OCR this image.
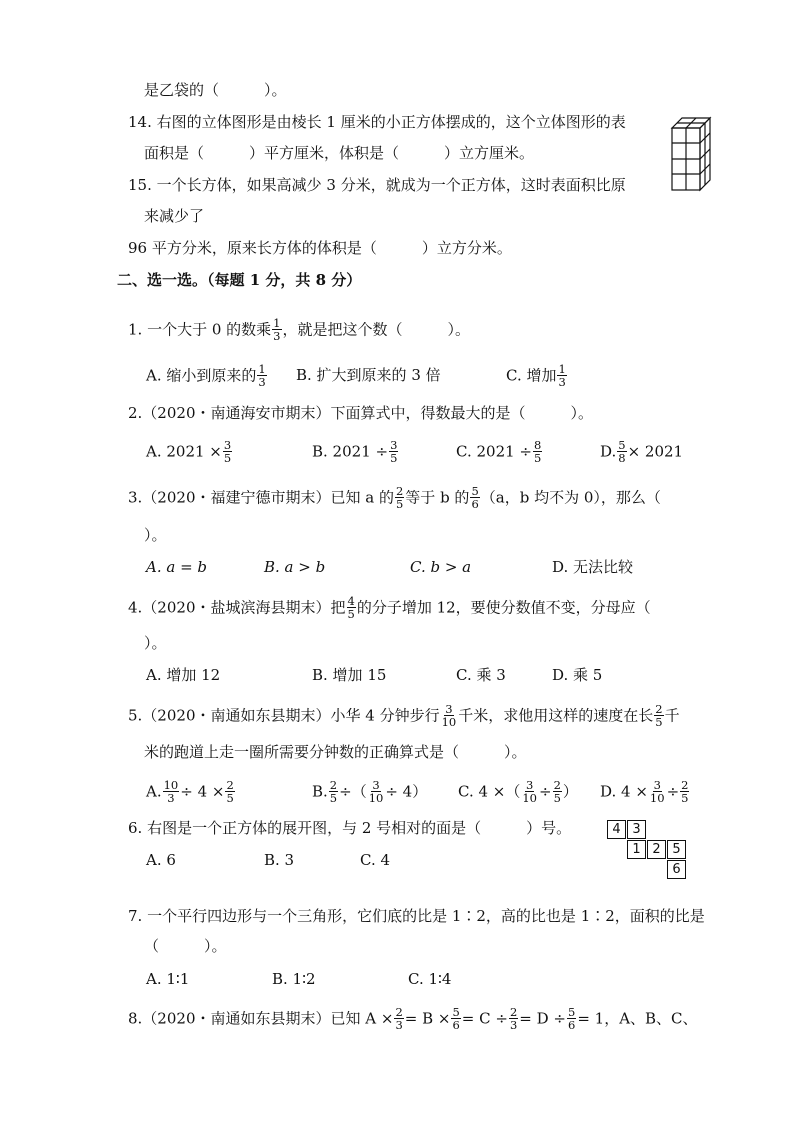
是乙袋的（　　　）。
14. 右图的立体图形是由棱长 1 厘米的小正方体摆成的，这个立体图形的表
面积是（　　　）平方厘米，体积是（　　　）立方厘米。
15. 一个长方体，如果高减少 3 分米，就成为一个正方体，这时表面积比原
来减少了
96 平方分米，原来长方体的体积是（　　　）立方分米。
二、选一选。（每题 1 分，共 8 分）
1. 一个大于 0 的数乘 $\frac{1}{3}$ ，就是把这个数（　　　）。
A. 缩小到原来的 $\frac{1}{3} B$. 扩大到原来的 3 倍	C. 增加 $\frac{1}{3}$
2.（2020・南通海安市期末）下面算式中，得数最大的是（　　　）。
A. $2021 \times \frac{3}{5}$	B. $2021 \div \frac{3}{5}$	C. $2021 \div \frac{8}{5}$	D. $\frac{5}{8} \times 2021$
3.（2020・福建宁德市期末）已知 a 的 $\frac{2}{5}$ 等于 b 的 $\frac{5}{6} (a$，b 均不为 0），那么（
）。
A. a = b	B. a > b	C. b > a	D. 无法比较
4.（2020・盐城滨海县期末）把 $\frac{4}{5}$ 的分子增加 12，要使分数值不变，分母应（
）。
A. 增加 12	B. 增加 15	C. 乘 3	D. 乘 5
5.（2020・南通如东县期末）小华 4 分钟步行 $\frac{3}{10}$ 千米，求他用这样的速度在长 $\frac{2}{5}$ 千
米的跑道上走一圈所需要分钟数的正确算式是（　　　）。
A. $\frac{10}{3} \div 4 \times \frac{2}{5}$	B. $\frac{2}{5}$ ÷（ $\frac{3}{10} \div 4$） C. 4 ×（ $\frac{3}{10} \div \frac{2}{5}$ ） D. $4 \times \frac{3}{10} \div \frac{2}{5}$
6. 右图是一个正方体的展开图，与 2 号相对的面是（　　　）号。
A. 6	B. 3	C. 4
4 3
1 2 5
6
7. 一个平行四边形与一个三角形，它们底的比是 1∶2，高的比也是 1∶2，面积的比是
（　　　）。
A. 1∶1	B. 1∶2	C. 1∶4
8.（2020・南通如东县期末）已知 $A \times \frac{2}{3} = B \times \frac{5}{6} = C \div \frac{2}{3} = D \div \frac{5}{6} = 1$，A、B、C、
